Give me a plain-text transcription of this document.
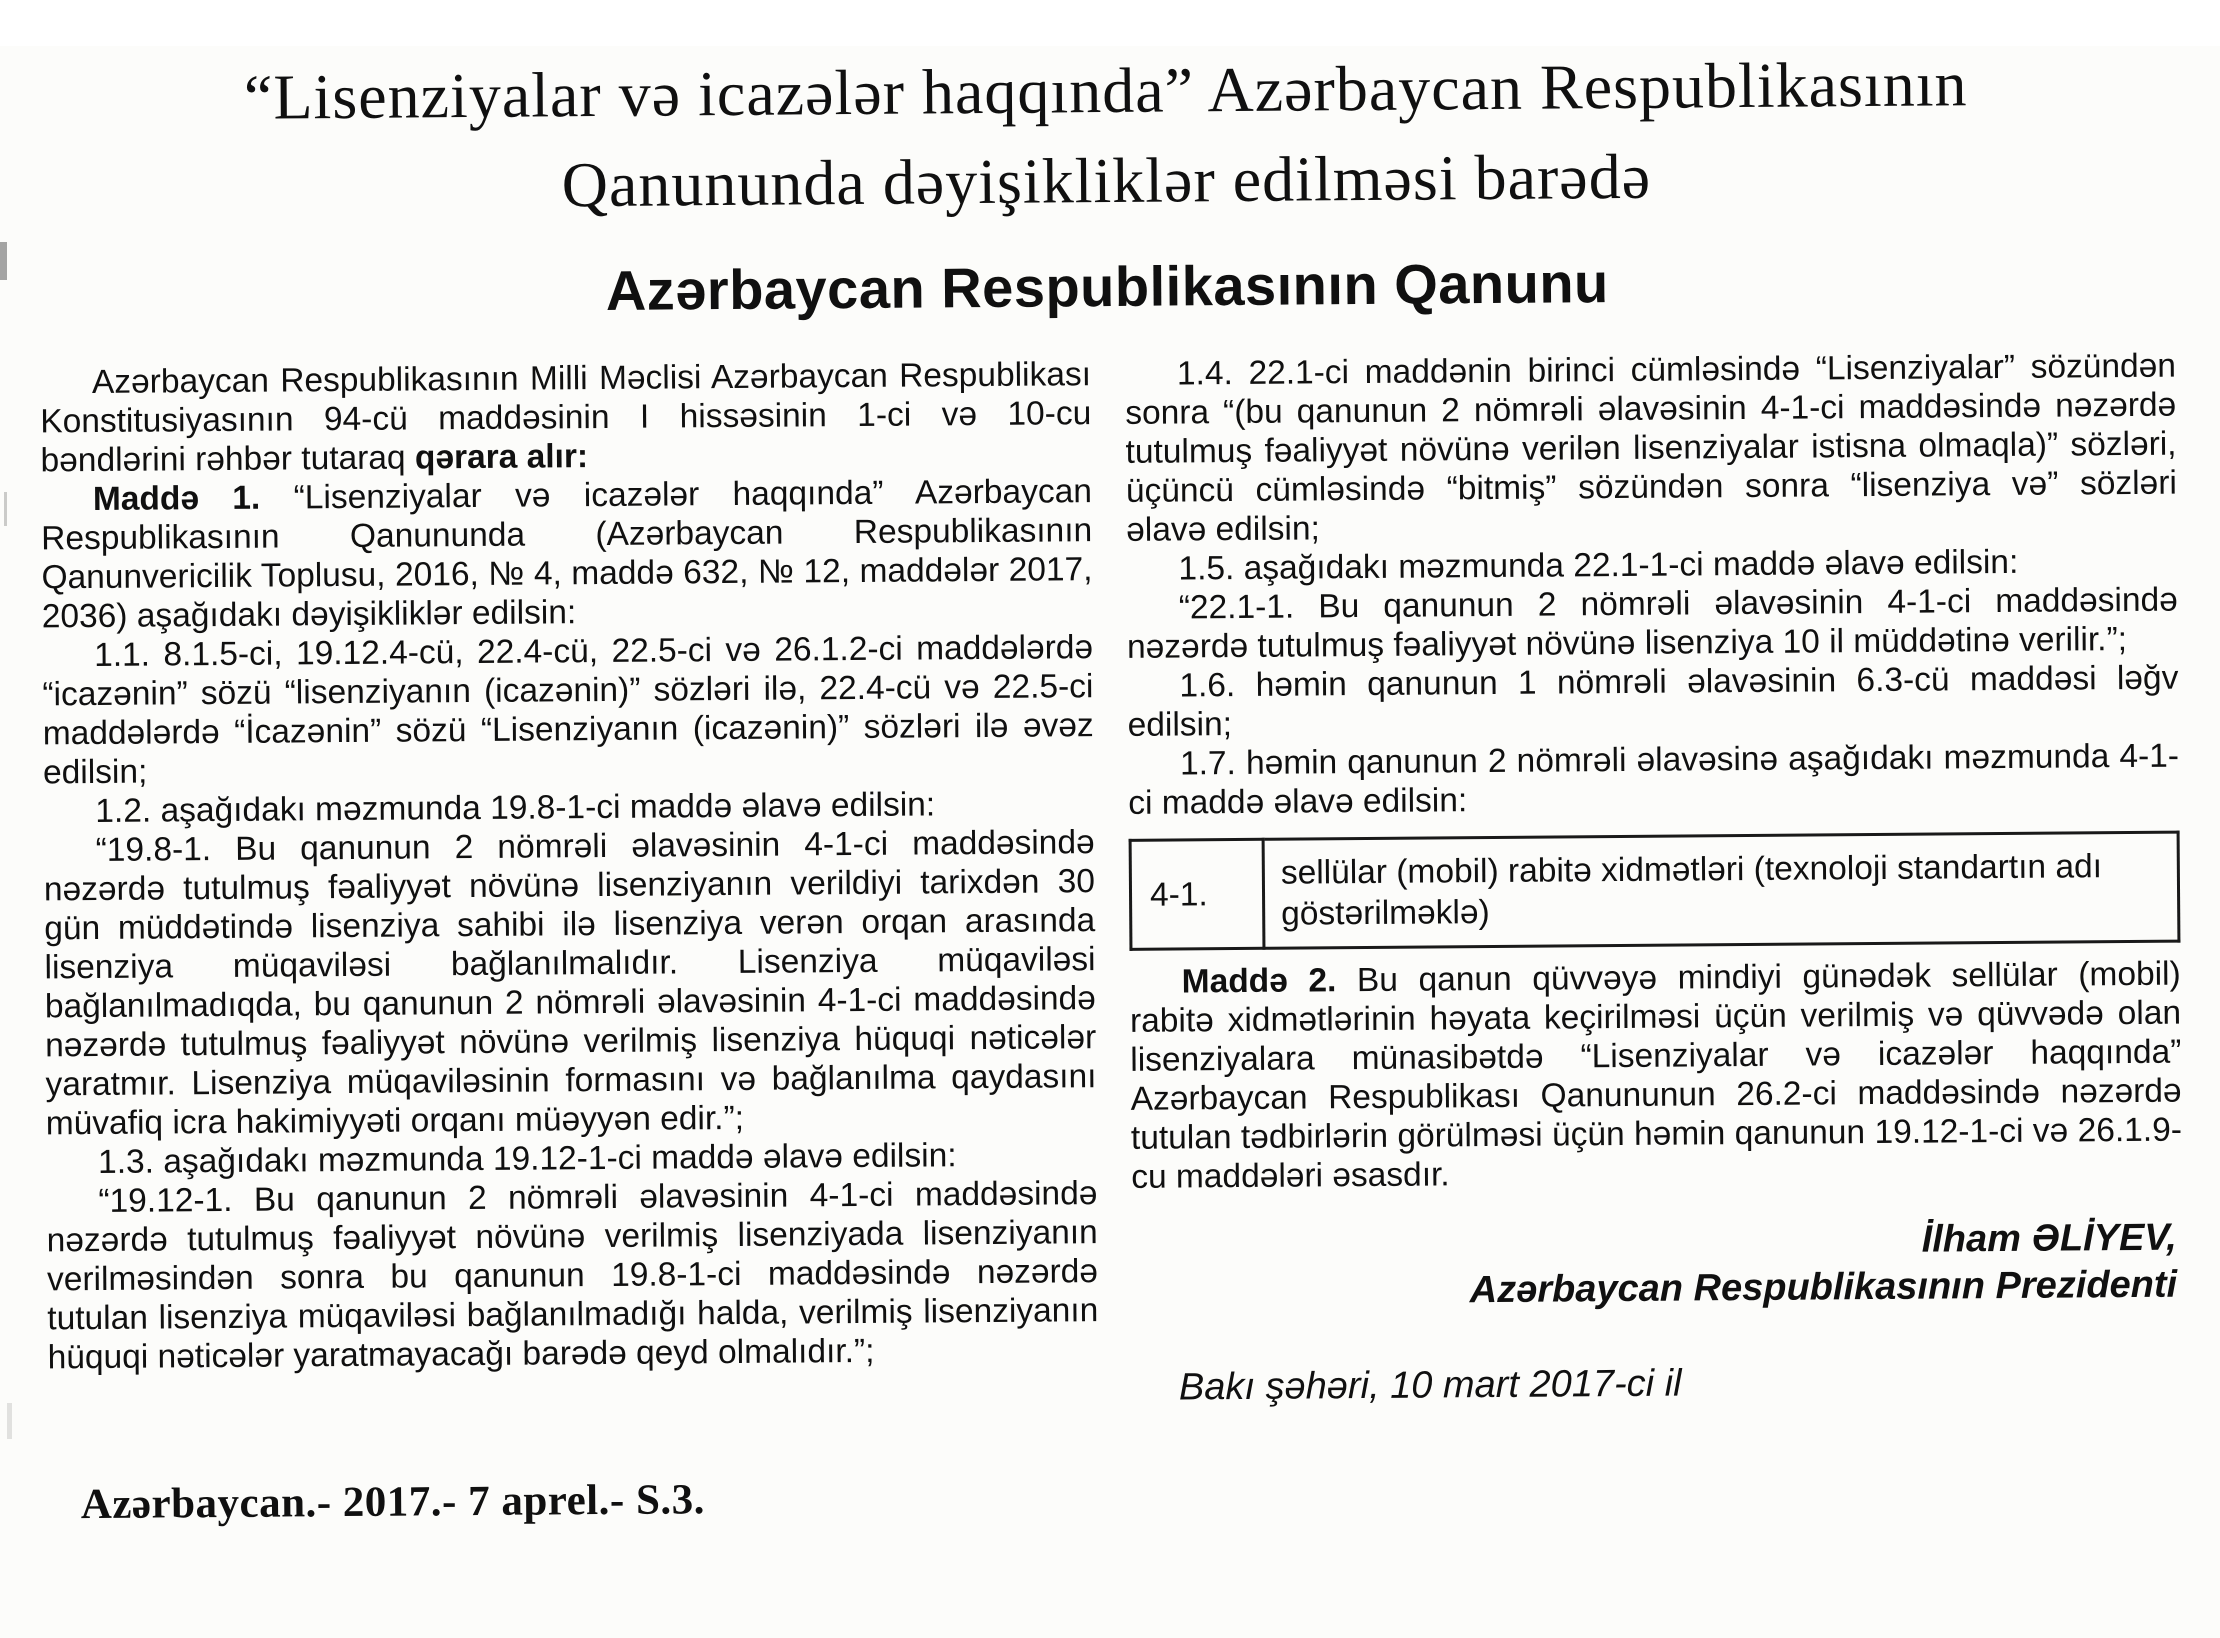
“Lisenziyalar və icazələr haqqında” Azərbaycan Respublikasının
Qanununda dəyişikliklər edilməsi barədə
Azərbaycan Respublikasının Qanunu

Azərbaycan Respublikasının Milli Məclisi Azərbaycan Respublikası Konstitusiyasının 94-cü maddəsinin I hissəsinin 1-ci və 10-cu bəndlərini rəhbər tutaraq qərara alır:

Maddə 1. “Lisenziyalar və icazələr haqqında” Azərbaycan Respublikasının Qanununda (Azərbaycan Respublikasının Qanunvericilik Toplusu, 2016, № 4, maddə 632, № 12, maddələr 2017, 2036) aşağıdakı dəyişikliklər edilsin:

1.1. 8.1.5-ci, 19.12.4-cü, 22.4-cü, 22.5-ci və 26.1.2-ci maddələrdə “icazənin” sözü “lisenziyanın (icazənin)” sözləri ilə, 22.4-cü və 22.5-ci maddələrdə “İcazənin” sözü “Lisenziyanın (icazənin)” sözləri ilə əvəz edilsin;

1.2. aşağıdakı məzmunda 19.8-1-ci maddə əlavə edilsin:

“19.8-1. Bu qanunun 2 nömrəli əlavəsinin 4-1-ci maddəsində nəzərdə tutulmuş fəaliyyət növünə lisenziyanın verildiyi tarixdən 30 gün müddətində lisenziya sahibi ilə lisenziya verən orqan arasında lisenziya müqaviləsi bağlanılmalıdır. Lisenziya müqaviləsi bağlanılmadıqda, bu qanunun 2 nömrəli əlavəsinin 4-1-ci maddəsində nəzərdə tutulmuş fəaliyyət növünə verilmiş lisenziya hüquqi nəticələr yaratmır. Lisenziya müqaviləsinin formasını və bağlanılma qaydasını müvafiq icra hakimiyyəti orqanı müəyyən edir.”;

1.3. aşağıdakı məzmunda 19.12-1-ci maddə əlavə edilsin:

“19.12-1. Bu qanunun 2 nömrəli əlavəsinin 4-1-ci maddəsində nəzərdə tutulmuş fəaliyyət növünə verilmiş lisenziyada lisenziyanın verilməsindən sonra bu qanunun 19.8-1-ci maddəsində nəzərdə tutulan lisenziya müqaviləsi bağlanılmadığı halda, verilmiş lisenziyanın hüquqi nəticələr yaratmayacağı barədə qeyd olmalıdır.”;

1.4. 22.1-ci maddənin birinci cümləsində “Lisenziyalar” sözündən sonra “(bu qanunun 2 nömrəli əlavəsinin 4-1-ci maddəsində nəzərdə tutulmuş fəaliyyət növünə verilən lisenziyalar istisna olmaqla)” sözləri, üçüncü cümləsində “bitmiş” sözündən sonra “lisenziya və” sözləri əlavə edilsin;

1.5. aşağıdakı məzmunda 22.1-1-ci maddə əlavə edilsin:

“22.1-1. Bu qanunun 2 nömrəli əlavəsinin 4-1-ci maddəsində nəzərdə tutulmuş fəaliyyət növünə lisenziya 10 il müddətinə verilir.”;

1.6. həmin qanunun 1 nömrəli əlavəsinin 6.3-cü maddəsi ləğv edilsin;

1.7. həmin qanunun 2 nömrəli əlavəsinə aşağıdakı məzmunda 4-1-ci maddə əlavə edilsin:

4-1.	sellülar (mobil) rabitə xidmətləri (texnoloji standartın adı göstərilməklə)

Maddə 2. Bu qanun qüvvəyə mindiyi günədək sellülar (mobil) rabitə xidmətlərinin həyata keçirilməsi üçün verilmiş və qüvvədə olan lisenziyalara münasibətdə “Lisenziyalar və icazələr haqqında” Azərbaycan Respublikası Qanununun 26.2-ci maddəsində nəzərdə tutulan tədbirlərin görülməsi üçün həmin qanunun 19.12-1-ci və 26.1.9-cu maddələri əsasdır.

İlham ƏLİYEV,
Azərbaycan Respublikasının Prezidenti
Bakı şəhəri, 10 mart 2017-ci il
Azərbaycan.- 2017.- 7 aprel.- S.3.
